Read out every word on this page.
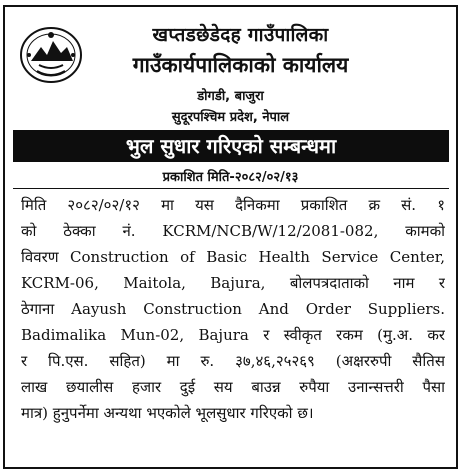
खप्तडछेडेदह गाउँपालिका
गाउँकार्यपालिकाको कार्यालय
डोगडी, बाजुरा
सुदूरपश्चिम प्रदेश, नेपाल
भुल सुधार गरिएको सम्बन्धमा
प्रकाशित मिति-२०८२/०२/१३
मिति २०८२/०२/१२ मा यस दैनिकमा प्रकाशित क्र सं. १
को ठेक्का नं. KCRM/NCB/W/12/2081-082, कामको
विवरण Construction of Basic Health Service Center,
KCRM-06, Maitola, Bajura, बोलपत्रदाताको नाम र
ठेगाना Aayush Construction And Order Suppliers.
Badimalika Mun-02, Bajura र स्वीकृत रकम (मु.अ. कर
र पि.एस. सहित) मा रु. ३७,४६,२५२६९ (अक्षररुपी सैतिस
लाख छयालीस हजार दुई सय बाउन्न रुपैया उनान्सत्तरी पैसा
मात्र) हुनुपर्नेमा अन्यथा भएकोले भूलसुधार गरिएको छ।
